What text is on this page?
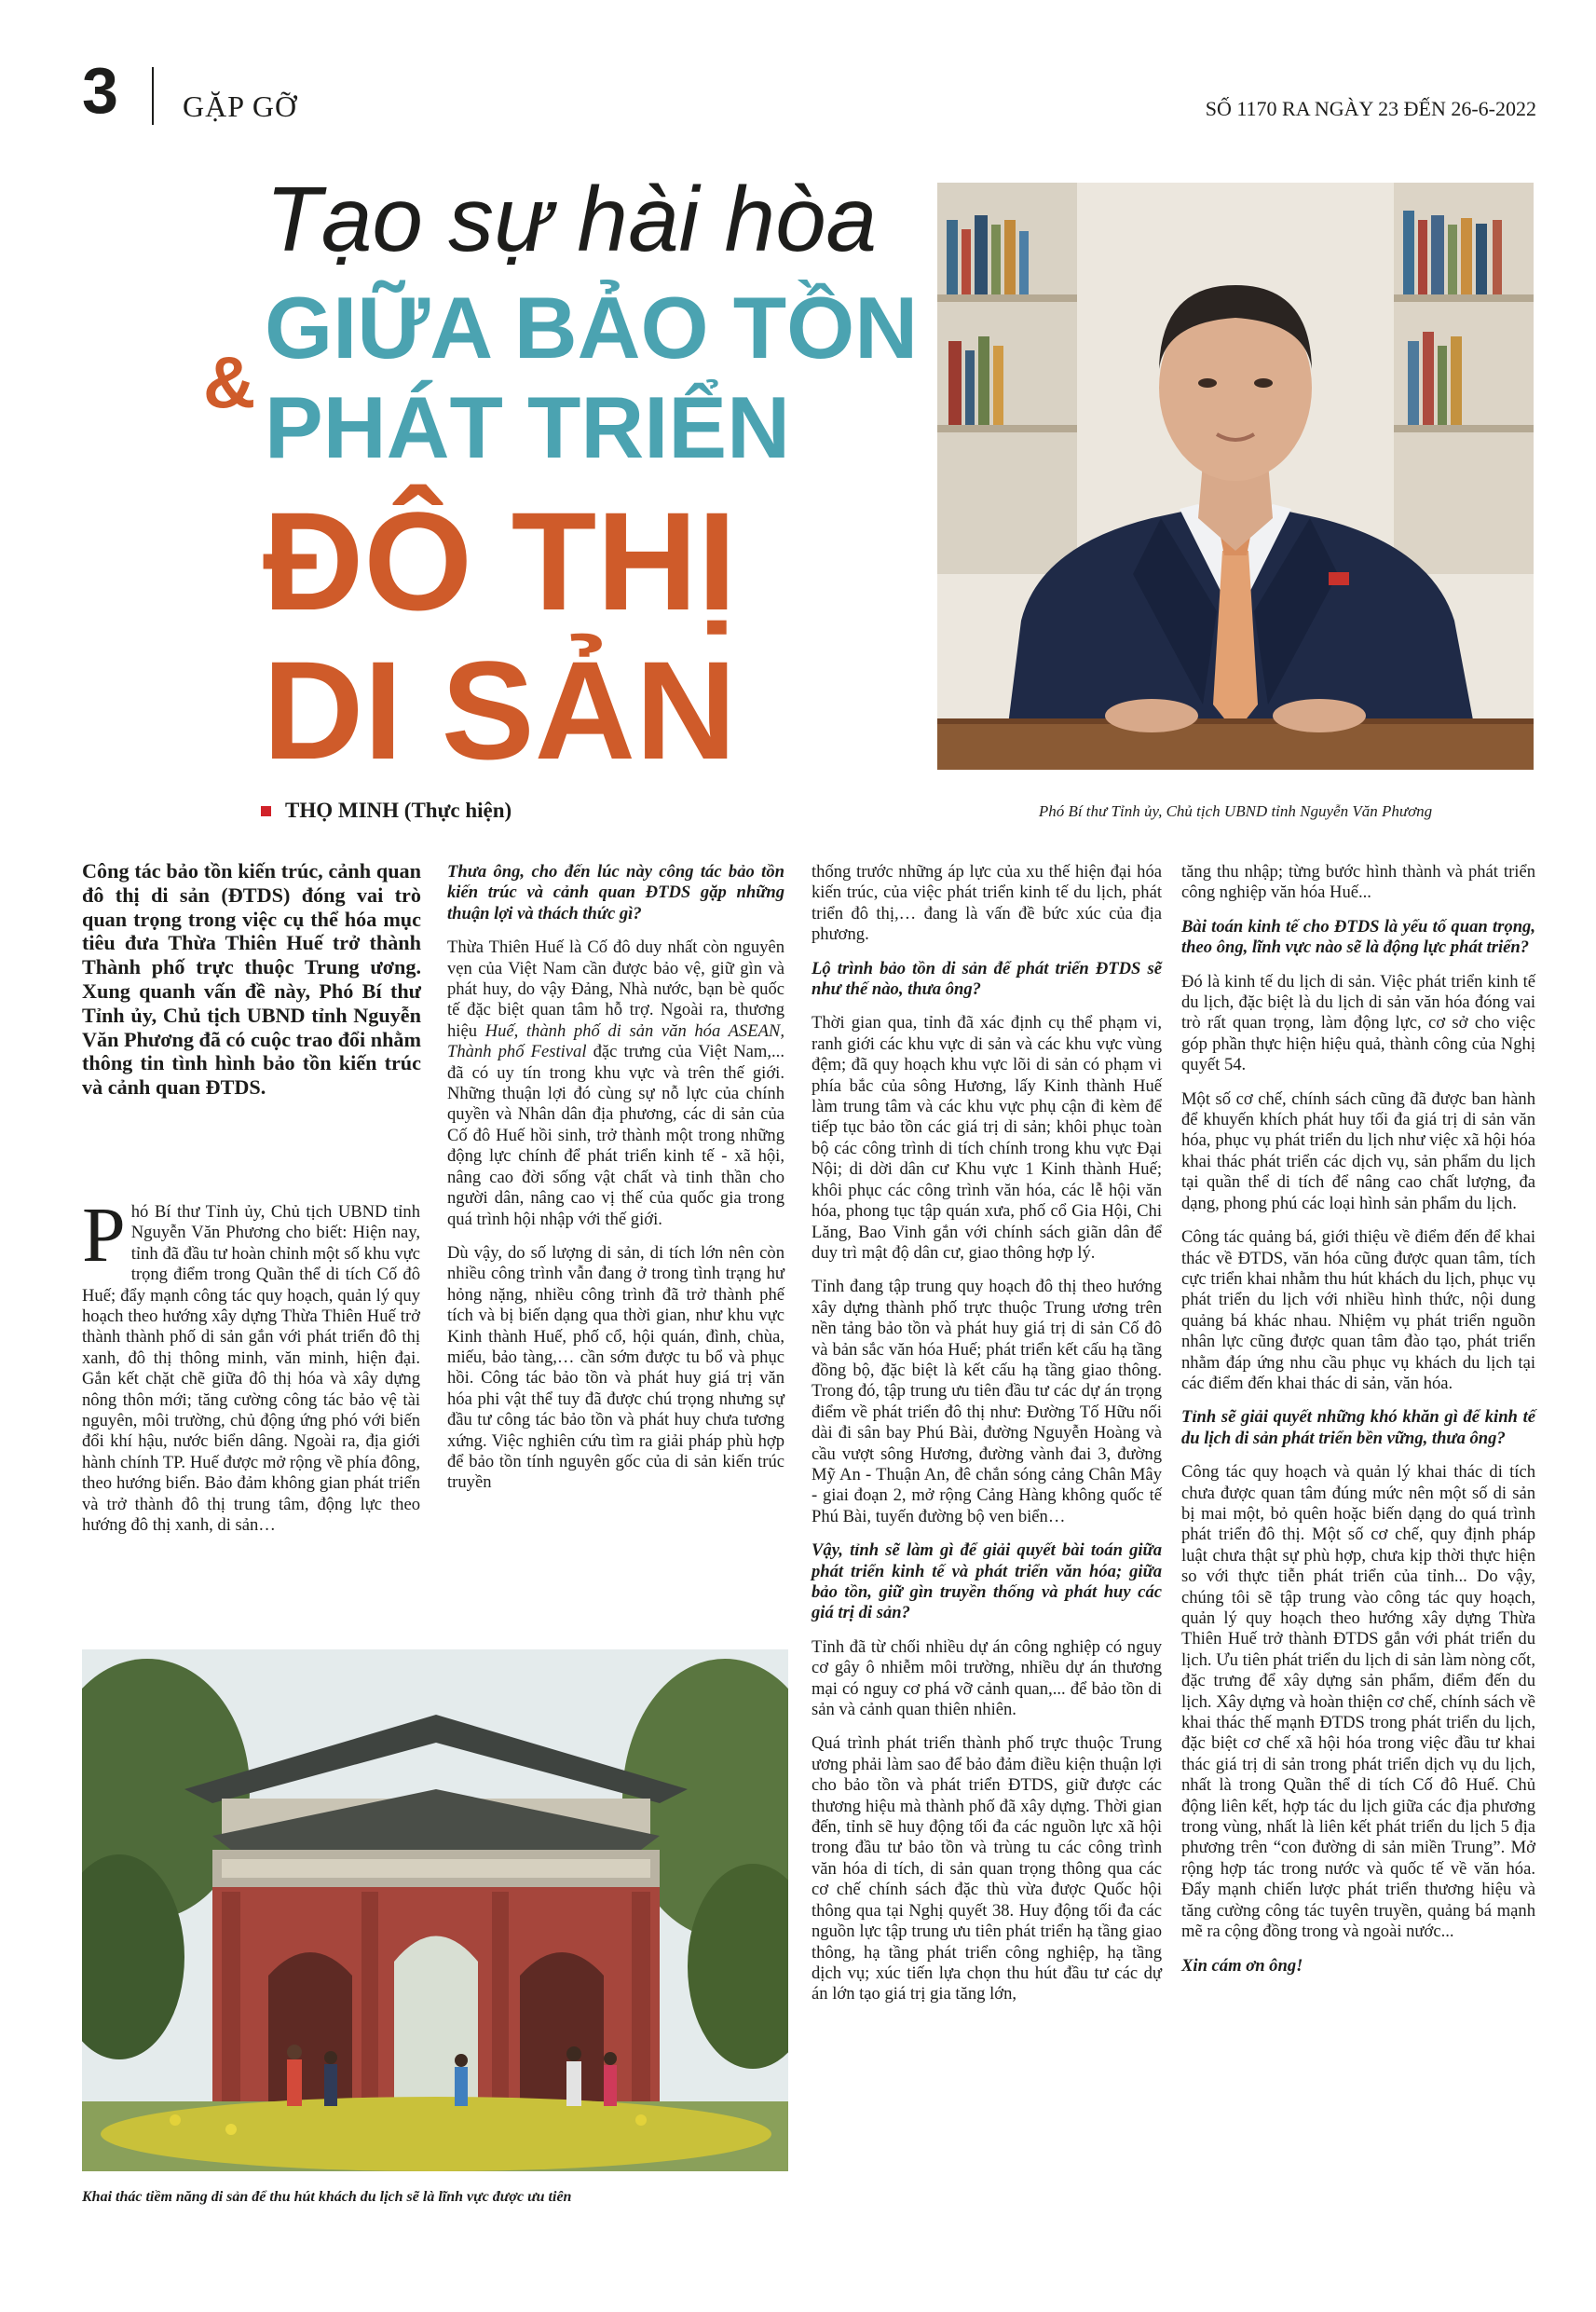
3 GẶP GỠ	SỐ 1170 RA NGÀY 23 ĐẾN 26-6-2022
Tạo sự hài hòa
&
GIỮA BẢO TỒN
PHÁT TRIỂN
ĐÔ THỊ
DI SẢN
THỌ MINH (Thực hiện)	Phó Bí thư Tỉnh ủy, Chủ tịch UBND tỉnh Nguyễn Văn Phương
Công tác bảo tồn kiến trúc, cảnh quan đô thị di sản (ĐTDS) đóng vai trò quan trọng trong việc cụ thể hóa mục tiêu đưa Thừa Thiên Huế trở thành Thành phố trực thuộc Trung ương. Xung quanh vấn đề này, Phó Bí thư Tỉnh ủy, Chủ tịch UBND tỉnh Nguyễn Văn Phương đã có cuộc trao đổi nhằm thông tin tình hình bảo tồn kiến trúc và cảnh quan ĐTDS.

Phó Bí thư Tỉnh ủy, Chủ tịch UBND tỉnh Nguyễn Văn Phương cho biết: Hiện nay, tỉnh đã đầu tư hoàn chỉnh một số khu vực trọng điểm trong Quần thể di tích Cố đô Huế; đẩy mạnh công tác quy hoạch, quản lý quy hoạch theo hướng xây dựng Thừa Thiên Huế trở thành thành phố di sản gắn với phát triển đô thị xanh, đô thị thông minh, văn minh, hiện đại. Gắn kết chặt chẽ giữa đô thị hóa và xây dựng nông thôn mới; tăng cường công tác bảo vệ tài nguyên, môi trường, chủ động ứng phó với biến đổi khí hậu, nước biển dâng. Ngoài ra, địa giới hành chính TP. Huế được mở rộng về phía đông, theo hướng biển. Bảo đảm không gian phát triển và trở thành đô thị trung tâm, động lực theo hướng đô thị xanh, di sản…

Thưa ông, cho đến lúc này công tác bảo tồn kiến trúc và cảnh quan ĐTDS gặp những thuận lợi và thách thức gì?

Thừa Thiên Huế là Cố đô duy nhất còn nguyên vẹn của Việt Nam cần được bảo vệ, giữ gìn và phát huy, do vậy Đảng, Nhà nước, bạn bè quốc tế đặc biệt quan tâm hỗ trợ. Ngoài ra, thương hiệu Huế, thành phố di sản văn hóa ASEAN, Thành phố Festival đặc trưng của Việt Nam,... đã có uy tín trong khu vực và trên thế giới. Những thuận lợi đó cùng sự nỗ lực của chính quyền và Nhân dân địa phương, các di sản của Cố đô Huế hồi sinh, trở thành một trong những động lực chính để phát triển kinh tế - xã hội, nâng cao đời sống vật chất và tinh thần cho người dân, nâng cao vị thế của quốc gia trong quá trình hội nhập với thế giới.

Dù vậy, do số lượng di sản, di tích lớn nên còn nhiều công trình vẫn đang ở trong tình trạng hư hỏng nặng, nhiều công trình đã trở thành phế tích và bị biến dạng qua thời gian, như khu vực Kinh thành Huế, phố cổ, hội quán, đình, chùa, miếu, bảo tàng,… cần sớm được tu bổ và phục hồi. Công tác bảo tồn và phát huy giá trị văn hóa phi vật thể tuy đã được chú trọng nhưng sự đầu tư công tác bảo tồn và phát huy chưa tương xứng. Việc nghiên cứu tìm ra giải pháp phù hợp để bảo tồn tính nguyên gốc của di sản kiến trúc truyền

thống trước những áp lực của xu thế hiện đại hóa kiến trúc, của việc phát triển kinh tế du lịch, phát triển đô thị,… đang là vấn đề bức xúc của địa phương.

Lộ trình bảo tồn di sản để phát triển ĐTDS sẽ như thế nào, thưa ông?

Thời gian qua, tỉnh đã xác định cụ thể phạm vi, ranh giới các khu vực di sản và các khu vực vùng đệm; đã quy hoạch khu vực lõi di sản có phạm vi phía bắc của sông Hương, lấy Kinh thành Huế làm trung tâm và các khu vực phụ cận đi kèm để tiếp tục bảo tồn các giá trị di sản; khôi phục toàn bộ các công trình di tích chính trong khu vực Đại Nội; di dời dân cư Khu vực 1 Kinh thành Huế; khôi phục các công trình văn hóa, các lễ hội văn hóa, phong tục tập quán xưa, phố cổ Gia Hội, Chi Lăng, Bao Vinh gắn với chính sách giãn dân để duy trì mật độ dân cư, giao thông hợp lý.

Tỉnh đang tập trung quy hoạch đô thị theo hướng xây dựng thành phố trực thuộc Trung ương trên nền tảng bảo tồn và phát huy giá trị di sản Cố đô và bản sắc văn hóa Huế; phát triển kết cấu hạ tầng đồng bộ, đặc biệt là kết cấu hạ tầng giao thông. Trong đó, tập trung ưu tiên đầu tư các dự án trọng điểm về phát triển đô thị như: Đường Tố Hữu nối dài đi sân bay Phú Bài, đường Nguyễn Hoàng và cầu vượt sông Hương, đường vành đai 3, đường Mỹ An - Thuận An, đê chắn sóng cảng Chân Mây - giai đoạn 2, mở rộng Cảng Hàng không quốc tế Phú Bài, tuyến đường bộ ven biển…

Vậy, tỉnh sẽ làm gì để giải quyết bài toán giữa phát triển kinh tế và phát triển văn hóa; giữa bảo tồn, giữ gìn truyền thống và phát huy các giá trị di sản?

Tỉnh đã từ chối nhiều dự án công nghiệp có nguy cơ gây ô nhiễm môi trường, nhiều dự án thương mại có nguy cơ phá vỡ cảnh quan,... để bảo tồn di sản và cảnh quan thiên nhiên.

Quá trình phát triển thành phố trực thuộc Trung ương phải làm sao để bảo đảm điều kiện thuận lợi cho bảo tồn và phát triển ĐTDS, giữ được các thương hiệu mà thành phố đã xây dựng. Thời gian đến, tỉnh sẽ huy động tối đa các nguồn lực xã hội trong đầu tư bảo tồn và trùng tu các công trình văn hóa di tích, di sản quan trọng thông qua các cơ chế chính sách đặc thù vừa được Quốc hội thông qua tại Nghị quyết 38. Huy động tối đa các nguồn lực tập trung ưu tiên phát triển hạ tầng giao thông, hạ tầng phát triển công nghiệp, hạ tầng dịch vụ; xúc tiến lựa chọn thu hút đầu tư các dự án lớn tạo giá trị gia tăng lớn,

tăng thu nhập; từng bước hình thành và phát triển công nghiệp văn hóa Huế...

Bài toán kinh tế cho ĐTDS là yếu tố quan trọng, theo ông, lĩnh vực nào sẽ là động lực phát triển?

Đó là kinh tế du lịch di sản. Việc phát triển kinh tế du lịch, đặc biệt là du lịch di sản văn hóa đóng vai trò rất quan trọng, làm động lực, cơ sở cho việc góp phần thực hiện hiệu quả, thành công của Nghị quyết 54.

Một số cơ chế, chính sách cũng đã được ban hành để khuyến khích phát huy tối đa giá trị di sản văn hóa, phục vụ phát triển du lịch như việc xã hội hóa khai thác phát triển các dịch vụ, sản phẩm du lịch tại quần thể di tích để nâng cao chất lượng, đa dạng, phong phú các loại hình sản phẩm du lịch.

Công tác quảng bá, giới thiệu về điểm đến để khai thác về ĐTDS, văn hóa cũng được quan tâm, tích cực triển khai nhằm thu hút khách du lịch, phục vụ phát triển du lịch với nhiều hình thức, nội dung quảng bá khác nhau. Nhiệm vụ phát triển nguồn nhân lực cũng được quan tâm đào tạo, phát triển nhằm đáp ứng nhu cầu phục vụ khách du lịch tại các điểm đến khai thác di sản, văn hóa.

Tỉnh sẽ giải quyết những khó khăn gì để kinh tế du lịch di sản phát triển bền vững, thưa ông?

Công tác quy hoạch và quản lý khai thác di tích chưa được quan tâm đúng mức nên một số di sản bị mai một, bỏ quên hoặc biến dạng do quá trình phát triển đô thị. Một số cơ chế, quy định pháp luật chưa thật sự phù hợp, chưa kịp thời thực hiện so với thực tiễn phát triển của tỉnh... Do vậy, chúng tôi sẽ tập trung vào công tác quy hoạch, quản lý quy hoạch theo hướng xây dựng Thừa Thiên Huế trở thành ĐTDS gắn với phát triển du lịch. Ưu tiên phát triển du lịch di sản làm nòng cốt, đặc trưng để xây dựng sản phẩm, điểm đến du lịch. Xây dựng và hoàn thiện cơ chế, chính sách về khai thác thế mạnh ĐTDS trong phát triển du lịch, đặc biệt cơ chế xã hội hóa trong việc đầu tư khai thác giá trị di sản trong phát triển dịch vụ du lịch, nhất là trong Quần thể di tích Cố đô Huế. Chủ động liên kết, hợp tác du lịch giữa các địa phương trong vùng, nhất là liên kết phát triển du lịch 5 địa phương trên “con đường di sản miền Trung”. Mở rộng hợp tác trong nước và quốc tế về văn hóa. Đẩy mạnh chiến lược phát triển thương hiệu và tăng cường công tác tuyên truyền, quảng bá mạnh mẽ ra cộng đồng trong và ngoài nước...

Xin cám ơn ông!

Khai thác tiềm năng di sản để thu hút khách du lịch sẽ là lĩnh vực được ưu tiên
